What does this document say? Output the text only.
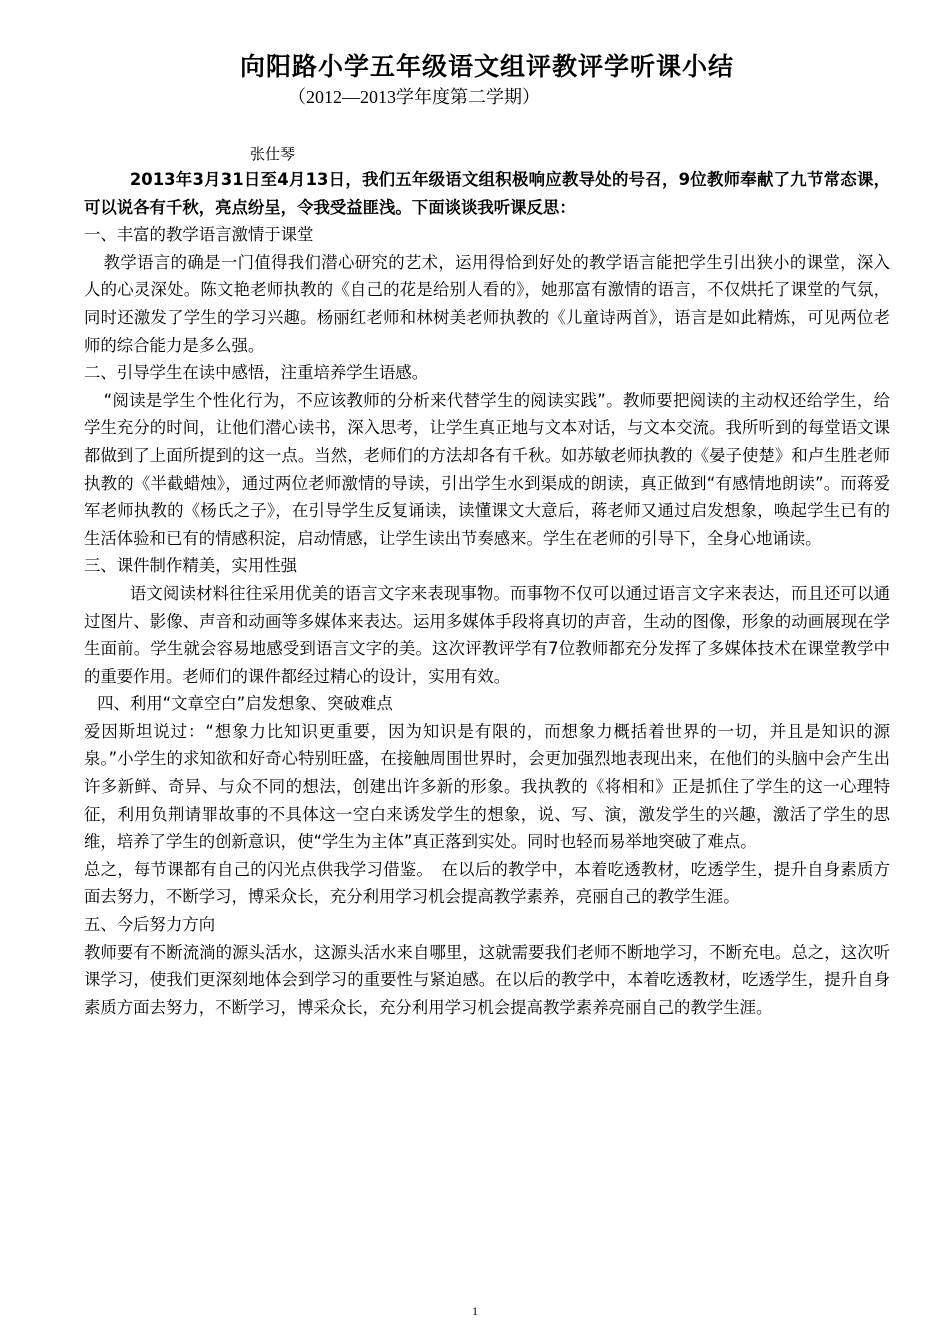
向阳路小学五年级语文组评教评学听课小结
（2012—2013学年度第二学期）
张仕琴

2013年3月31日至4月13日，我们五年级语文组积极响应教导处的号召，9位教师奉献了九节常态课，可以说各有千秋，亮点纷呈，令我受益匪浅。下面谈谈我听课反思：

一、丰富的教学语言激情于课堂

教学语言的确是一门值得我们潜心研究的艺术，运用得恰到好处的教学语言能把学生引出狭小的课堂，深入人的心灵深处。陈文艳老师执教的《自己的花是给别人看的》，她那富有激情的语言，不仅烘托了课堂的气氛，同时还激发了学生的学习兴趣。杨丽红老师和林树美老师执教的《儿童诗两首》，语言是如此精炼，可见两位老师的综合能力是多么强。

二、引导学生在读中感悟，注重培养学生语感。

“阅读是学生个性化行为，不应该教师的分析来代替学生的阅读实践”。教师要把阅读的主动权还给学生，给学生充分的时间，让他们潜心读书，深入思考，让学生真正地与文本对话，与文本交流。我所听到的每堂语文课都做到了上面所提到的这一点。当然，老师们的方法却各有千秋。如苏敏老师执教的《晏子使楚》和卢生胜老师执教的《半截蜡烛》，通过两位老师激情的导读，引出学生水到渠成的朗读，真正做到“有感情地朗读”。而蒋爱军老师执教的《杨氏之子》，在引导学生反复诵读，读懂课文大意后，蒋老师又通过启发想象，唤起学生已有的生活体验和已有的情感积淀，启动情感，让学生读出节奏感来。学生在老师的引导下，全身心地诵读。

三、课件制作精美，实用性强

语文阅读材料往往采用优美的语言文字来表现事物。而事物不仅可以通过语言文字来表达，而且还可以通过图片、影像、声音和动画等多媒体来表达。运用多媒体手段将真切的声音，生动的图像，形象的动画展现在学生面前。学生就会容易地感受到语言文字的美。这次评教评学有7位教师都充分发挥了多媒体技术在课堂教学中的重要作用。老师们的课件都经过精心的设计，实用有效。

四、利用“文章空白”启发想象、突破难点

爱因斯坦说过：“想象力比知识更重要，因为知识是有限的，而想象力概括着世界的一切，并且是知识的源泉。”小学生的求知欲和好奇心特别旺盛，在接触周围世界时，会更加强烈地表现出来，在他们的头脑中会产生出许多新鲜、奇异、与众不同的想法，创建出许多新的形象。我执教的《将相和》正是抓住了学生的这一心理特征，利用负荆请罪故事的不具体这一空白来诱发学生的想象，说、写、演，激发学生的兴趣，激活了学生的思维，培养了学生的创新意识，使“学生为主体”真正落到实处。同时也轻而易举地突破了难点。

总之，每节课都有自己的闪光点供我学习借鉴。　在以后的教学中，本着吃透教材，吃透学生，提升自身素质方面去努力，不断学习，博采众长，充分利用学习机会提高教学素养，亮丽自己的教学生涯。

五、今后努力方向

教师要有不断流淌的源头活水，这源头活水来自哪里，这就需要我们老师不断地学习，不断充电。总之，这次听课学习，使我们更深刻地体会到学习的重要性与紧迫感。在以后的教学中，本着吃透教材，吃透学生，提升自身素质方面去努力，不断学习，博采众长，充分利用学习机会提高教学素养亮丽自己的教学生涯。

1
